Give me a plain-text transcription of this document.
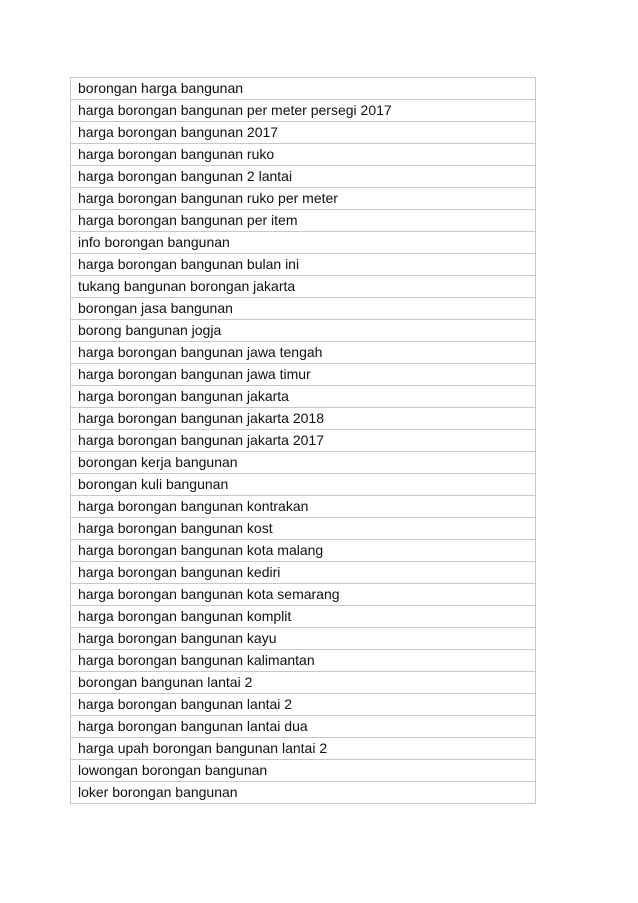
borongan harga bangunan
harga borongan bangunan per meter persegi 2017
harga borongan bangunan 2017
harga borongan bangunan ruko
harga borongan bangunan 2 lantai
harga borongan bangunan ruko per meter
harga borongan bangunan per item
info borongan bangunan
harga borongan bangunan bulan ini
tukang bangunan borongan jakarta
borongan jasa bangunan
borong bangunan jogja
harga borongan bangunan jawa tengah
harga borongan bangunan jawa timur
harga borongan bangunan jakarta
harga borongan bangunan jakarta 2018
harga borongan bangunan jakarta 2017
borongan kerja bangunan
borongan kuli bangunan
harga borongan bangunan kontrakan
harga borongan bangunan kost
harga borongan bangunan kota malang
harga borongan bangunan kediri
harga borongan bangunan kota semarang
harga borongan bangunan komplit
harga borongan bangunan kayu
harga borongan bangunan kalimantan
borongan bangunan lantai 2
harga borongan bangunan lantai 2
harga borongan bangunan lantai dua
harga upah borongan bangunan lantai 2
lowongan borongan bangunan
loker borongan bangunan
